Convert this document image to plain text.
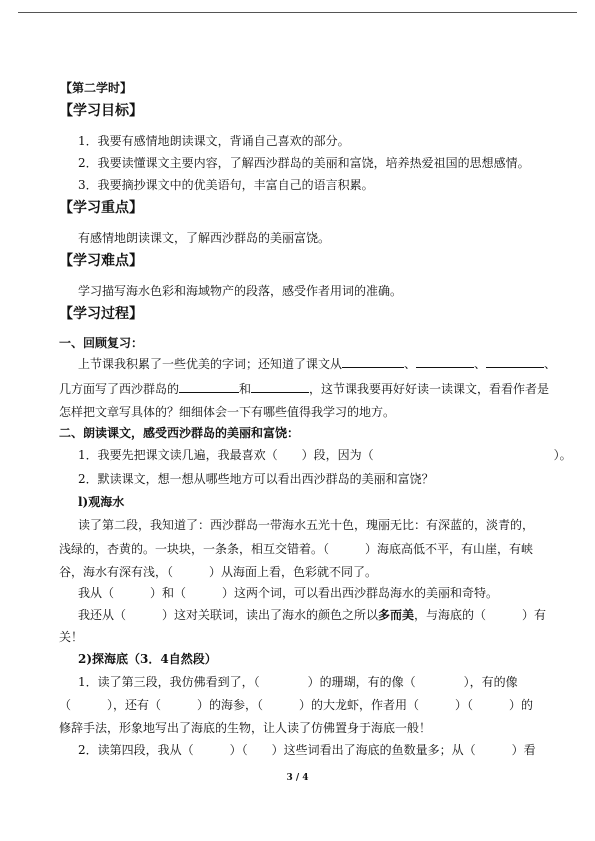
【第二学时】
【学习目标】
1．我要有感情地朗读课文，背诵自己喜欢的部分。
2．我要读懂课文主要内容，了解西沙群岛的美丽和富饶，培养热爱祖国的思想感情。
3．我要摘抄课文中的优美语句，丰富自己的语言积累。
【学习重点】
有感情地朗读课文，了解西沙群岛的美丽富饶。
【学习难点】
学习描写海水色彩和海域物产的段落，感受作者用词的准确。
【学习过程】
一、回顾复习：
上节课我积累了一些优美的字词；还知道了课文从	、	、	、
几方面写了西沙群岛的	和	，这节课我要再好好读一读课文，看看作者是
怎样把文章写具体的？细细体会一下有哪些值得我学习的地方。
二、朗读课文，感受西沙群岛的美丽和富饶：
1．我要先把课文读几遍，我最喜欢（　　）段，因为（　　　　　　　　　　　　　　　）。
2．默读课文，想一想从哪些地方可以看出西沙群岛的美丽和富饶？
l)观海水
读了第二段，我知道了：西沙群岛一带海水五光十色，瑰丽无比：有深蓝的，淡青的，
浅绿的，杏黄的。一块块，一条条，相互交错着。（　　　）海底高低不平，有山崖，有峡
谷，海水有深有浅，（　　　）从海面上看，色彩就不同了。
我从（　　　）和（　　　）这两个词，可以看出西沙群岛海水的美丽和奇特。
我还从（　　　）这对关联词，读出了海水的颜色之所以多而美，与海底的（　　　）有
关！
2)探海底（3．4自然段）
1．读了第三段，我仿佛看到了，（　　　　）的珊瑚，有的像（　　　　），有的像
（　　　），还有（　　　）的海参，（　　　）的大龙虾，作者用（　　　）（　　　）的
修辞手法，形象地写出了海底的生物，让人读了仿佛置身于海底一般！
2．读第四段，我从（　　　）（　　）这些词看出了海底的鱼数量多；从（　　　）看
3 / 4
